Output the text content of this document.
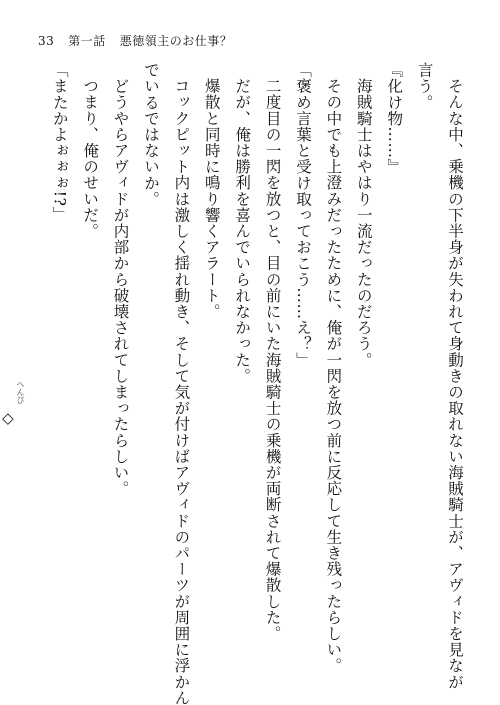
33 第一話 悪徳領主のお仕事？
そんな中、乗機の下半身が失われて身動きの取れない海賊騎士が、アヴィドを見なが
言う。
『化け物……』
海賊騎士はやはり一流だったのだろう。
その中でも上澄みだったために、俺が一閃を放つ前に反応して生き残ったらしい。
「褒め言葉と受け取っておこう……え？」
二度目の一閃を放つと、目の前にいた海賊騎士の乗機が両断されて爆散した。
だが、俺は勝利を喜んでいられなかった。
爆散と同時に鳴り響くアラート。
コックピット内は激しく揺れ動き、そして気が付けばアヴィドのパーツが周囲に浮かん
でいるではないか。
どうやらアヴィドが内部から破壊されてしまったらしい。
つまり、俺のせいだ。
「またかよぉぉぉ!?」
◇
へんぴ
